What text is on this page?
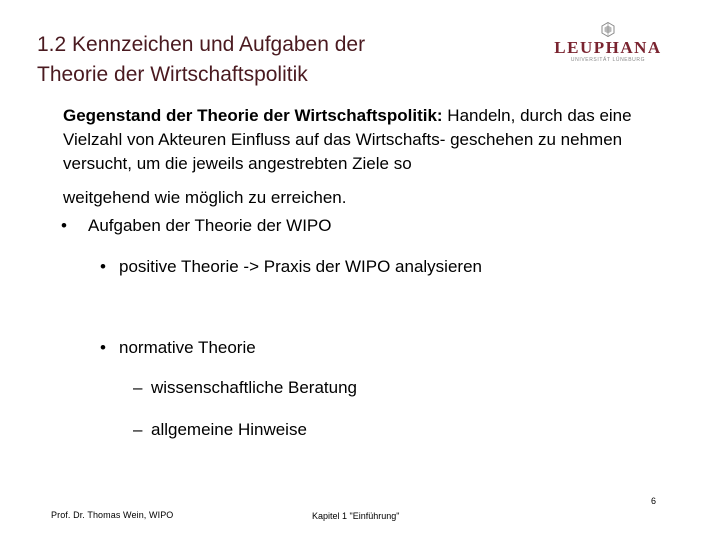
1.2 Kennzeichen und Aufgaben der
Theorie der Wirtschaftspolitik
LEUPHANA
UNIVERSITÄT LÜNEBURG
Gegenstand der Theorie der Wirtschaftspolitik: Handeln, durch das eine Vielzahl von Akteuren Einfluss auf das Wirtschafts- geschehen zu nehmen versucht, um die jeweils angestrebten Ziele so
weitgehend wie möglich zu erreichen.
• Aufgaben der Theorie der WIPO
• positive Theorie -> Praxis der WIPO analysieren
• normative Theorie
– wissenschaftliche Beratung
– allgemeine Hinweise
Prof. Dr. Thomas Wein, WIPO	Kapitel 1 "Einführung"
6
